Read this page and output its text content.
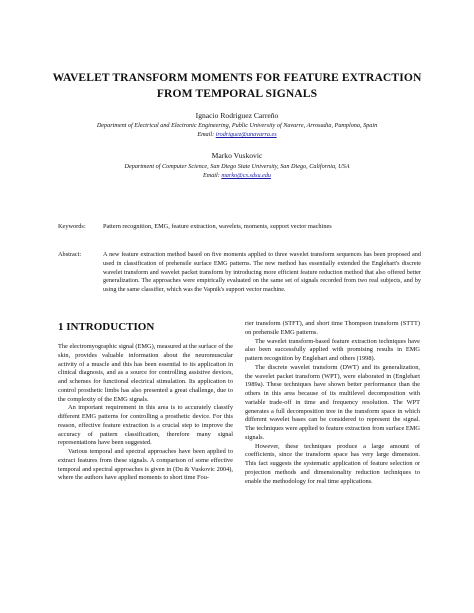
WAVELET TRANSFORM MOMENTS FOR FEATURE EXTRACTION
FROM TEMPORAL SIGNALS
Ignacio Rodriguez Carreño
Department of Electrical and Electronic Engineering, Public University of Navarre, Arrosadia, Pamplona, Spain
Email: irodriguez@unavarra.es
Marko Vuskovic
Department of Computer Science, San Diego State University, San Diego, California, USA
Email: marko@cs.sdsu.edu
Keywords:	Pattern recognition, EMG, feature extraction, wavelets, moments, support vector machines
Abstract:	A new feature extraction method based on five moments applied to three wavelet transform sequences has been proposed and used in classification of prehensile surface EMG patterns. The new method has essentially extended the Englehart's discrete wavelet transform and wavelet packet transform by introducing more efficient feature reduction method that also offered better generalization. The approaches were empirically evaluated on the same set of signals recorded from two real subjects, and by using the same classifier, which was the Vapnik's support vector machine.
1 INTRODUCTION

The electromyographic signal (EMG), measured at the surface of the skin, provides valuable information about the neuromuscular activity of a muscle and this has been essential to its application in clinical diagnosis, and as a source for controlling assistive devices, and schemes for functional electrical stimulation. Its application to control prosthetic limbs has also presented a great challenge, due to the complexity of the EMG signals.

An important requirement in this area is to accurately classify different EMG patterns for controlling a prosthetic device. For this reason, effective feature extraction is a crucial step to improve the accuracy of pattern classification, therefore many signal representations have been suggested.

Various temporal and spectral approaches have been applied to extract features from these signals. A comparison of some effective temporal and spectral approaches is given in (Du & Vuskovic 2004), where the authors have applied moments to short time Fou-

rier transform (STFT), and short time Thompson transform (STTT) on prehensile EMG patterns.

The wavelet transform-based feature extraction techniques have also been successfully applied with promising results in EMG pattern recognition by Englehart and others (1998).

The discrete wavelet transform (DWT) and its generalization, the wavelet packet transform (WPT), were elaborated in (Englehart 1989a). These techniques have shown better performance than the others in this area because of its multilevel decomposition with variable trade-off in time and frequency resolution. The WPT generates a full decomposition tree in the transform space in which different wavelet bases can be considered to represent the signal. The techniques were applied to feature extraction from surface EMG signals.

However, these techniques produce a large amount of coefficients, since the transform space has very large dimension. This fact suggests the systematic application of feature selection or projection methods and dimensionality reduction techniques to enable the methodology for real time applications.
